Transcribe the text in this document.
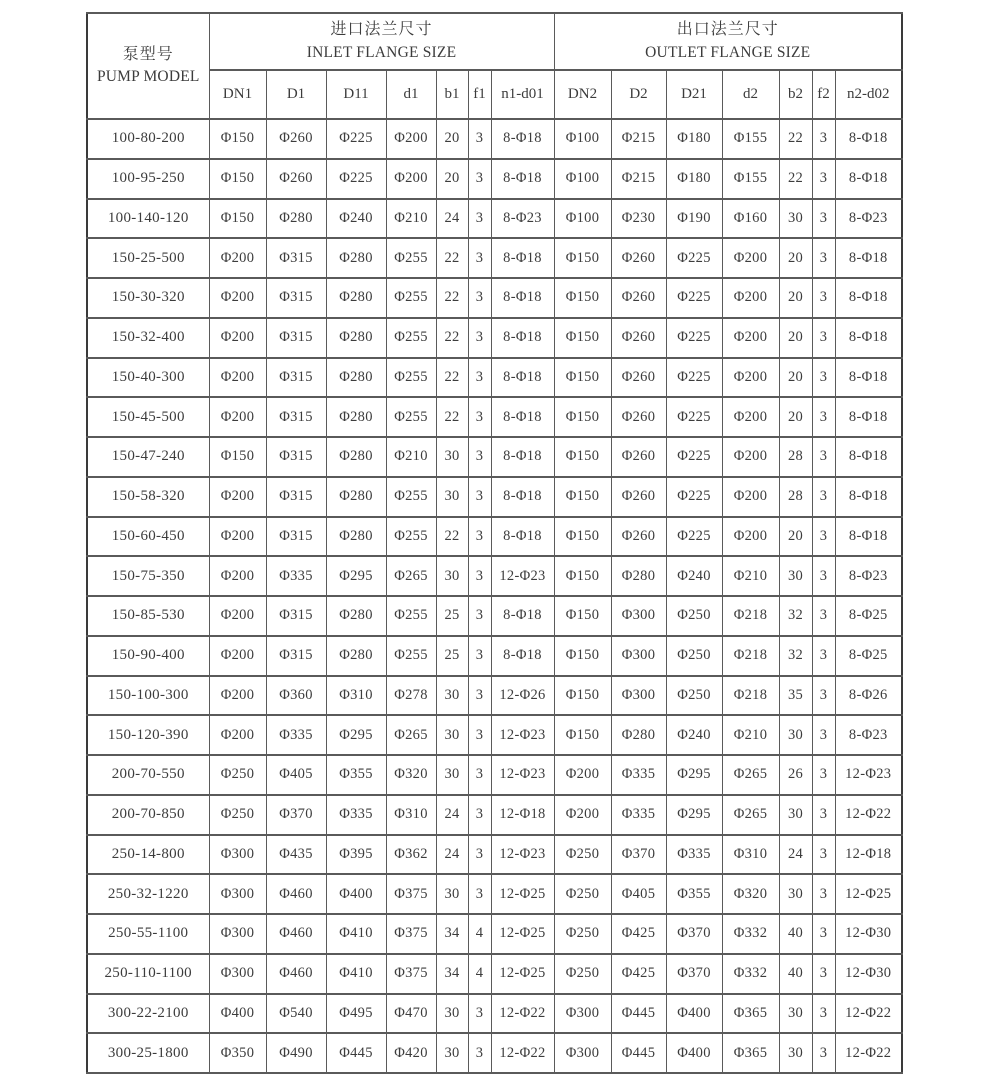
泵型号
PUMP MODEL

进口法兰尺寸
INLET FLANGE SIZE

出口法兰尺寸
OUTLET FLANGE SIZE

	DN1	D1	D11	d1	b1	f1	n1-d01	DN2	D2	D21	d2	b2	f2	n2-d02
100-80-200	Φ150	Φ260	Φ225	Φ200	20	3	8-Φ18	Φ100	Φ215	Φ180	Φ155	22	3	8-Φ18
100-95-250	Φ150	Φ260	Φ225	Φ200	20	3	8-Φ18	Φ100	Φ215	Φ180	Φ155	22	3	8-Φ18
100-140-120	Φ150	Φ280	Φ240	Φ210	24	3	8-Φ23	Φ100	Φ230	Φ190	Φ160	30	3	8-Φ23
150-25-500	Φ200	Φ315	Φ280	Φ255	22	3	8-Φ18	Φ150	Φ260	Φ225	Φ200	20	3	8-Φ18
150-30-320	Φ200	Φ315	Φ280	Φ255	22	3	8-Φ18	Φ150	Φ260	Φ225	Φ200	20	3	8-Φ18
150-32-400	Φ200	Φ315	Φ280	Φ255	22	3	8-Φ18	Φ150	Φ260	Φ225	Φ200	20	3	8-Φ18
150-40-300	Φ200	Φ315	Φ280	Φ255	22	3	8-Φ18	Φ150	Φ260	Φ225	Φ200	20	3	8-Φ18
150-45-500	Φ200	Φ315	Φ280	Φ255	22	3	8-Φ18	Φ150	Φ260	Φ225	Φ200	20	3	8-Φ18
150-47-240	Φ150	Φ315	Φ280	Φ210	30	3	8-Φ18	Φ150	Φ260	Φ225	Φ200	28	3	8-Φ18
150-58-320	Φ200	Φ315	Φ280	Φ255	30	3	8-Φ18	Φ150	Φ260	Φ225	Φ200	28	3	8-Φ18
150-60-450	Φ200	Φ315	Φ280	Φ255	22	3	8-Φ18	Φ150	Φ260	Φ225	Φ200	20	3	8-Φ18
150-75-350	Φ200	Φ335	Φ295	Φ265	30	3	12-Φ23	Φ150	Φ280	Φ240	Φ210	30	3	8-Φ23
150-85-530	Φ200	Φ315	Φ280	Φ255	25	3	8-Φ18	Φ150	Φ300	Φ250	Φ218	32	3	8-Φ25
150-90-400	Φ200	Φ315	Φ280	Φ255	25	3	8-Φ18	Φ150	Φ300	Φ250	Φ218	32	3	8-Φ25
150-100-300	Φ200	Φ360	Φ310	Φ278	30	3	12-Φ26	Φ150	Φ300	Φ250	Φ218	35	3	8-Φ26
150-120-390	Φ200	Φ335	Φ295	Φ265	30	3	12-Φ23	Φ150	Φ280	Φ240	Φ210	30	3	8-Φ23
200-70-550	Φ250	Φ405	Φ355	Φ320	30	3	12-Φ23	Φ200	Φ335	Φ295	Φ265	26	3	12-Φ23
200-70-850	Φ250	Φ370	Φ335	Φ310	24	3	12-Φ18	Φ200	Φ335	Φ295	Φ265	30	3	12-Φ22
250-14-800	Φ300	Φ435	Φ395	Φ362	24	3	12-Φ23	Φ250	Φ370	Φ335	Φ310	24	3	12-Φ18
250-32-1220	Φ300	Φ460	Φ400	Φ375	30	3	12-Φ25	Φ250	Φ405	Φ355	Φ320	30	3	12-Φ25
250-55-1100	Φ300	Φ460	Φ410	Φ375	34	4	12-Φ25	Φ250	Φ425	Φ370	Φ332	40	3	12-Φ30
250-110-1100	Φ300	Φ460	Φ410	Φ375	34	4	12-Φ25	Φ250	Φ425	Φ370	Φ332	40	3	12-Φ30
300-22-2100	Φ400	Φ540	Φ495	Φ470	30	3	12-Φ22	Φ300	Φ445	Φ400	Φ365	30	3	12-Φ22
300-25-1800	Φ350	Φ490	Φ445	Φ420	30	3	12-Φ22	Φ300	Φ445	Φ400	Φ365	30	3	12-Φ22
